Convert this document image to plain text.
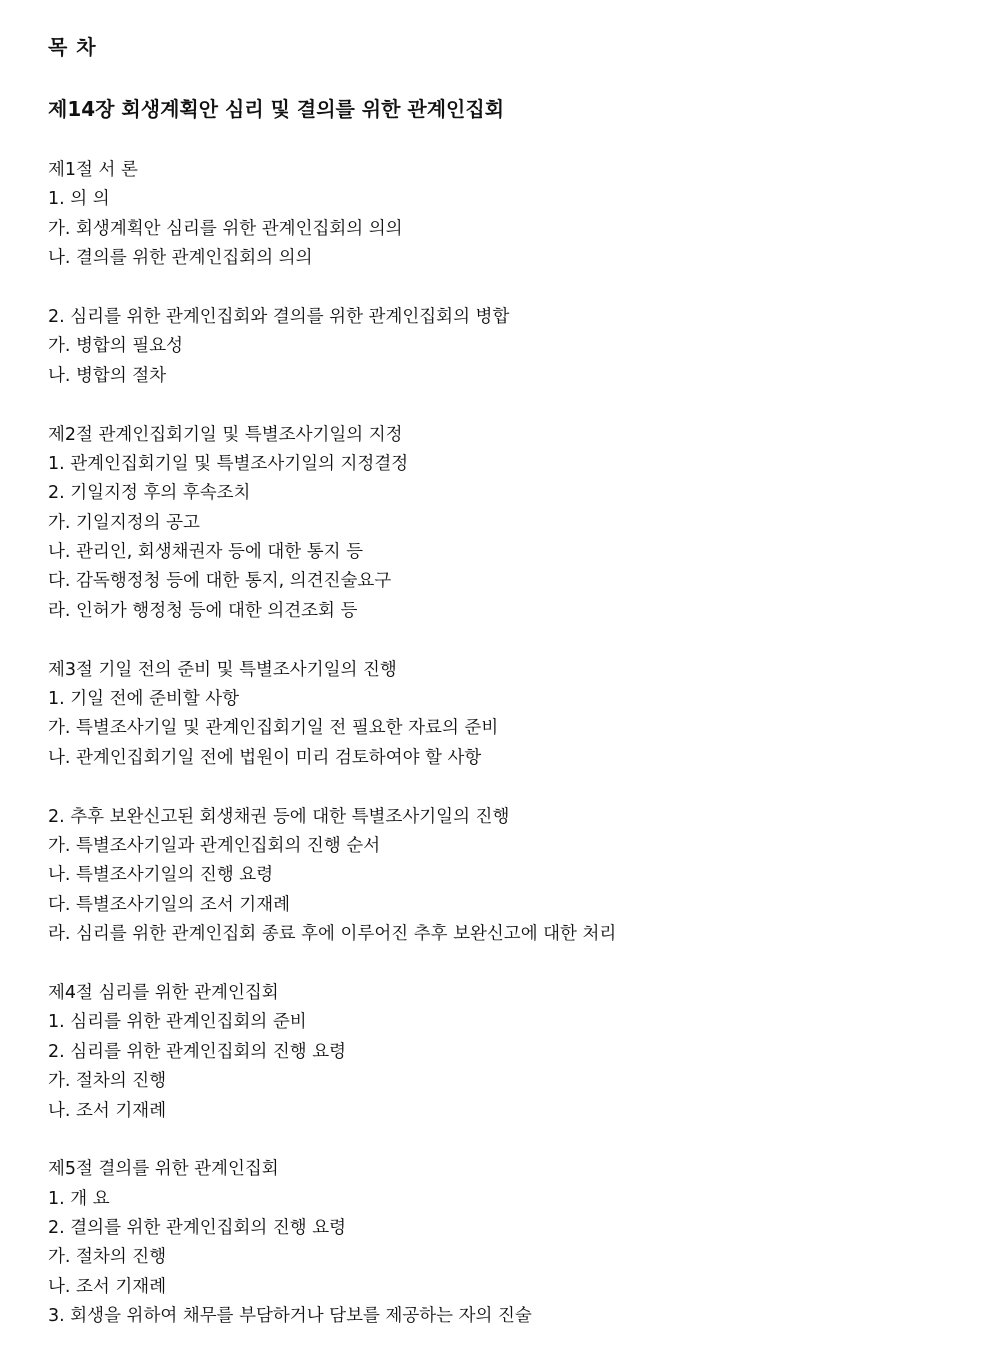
목 차
제14장 회생계획안 심리 및 결의를 위한 관계인집회
제1절 서 론
1. 의 의
가. 회생계획안 심리를 위한 관계인집회의 의의
나. 결의를 위한 관계인집회의 의의
2. 심리를 위한 관계인집회와 결의를 위한 관계인집회의 병합
가. 병합의 필요성
나. 병합의 절차
제2절 관계인집회기일 및 특별조사기일의 지정
1. 관계인집회기일 및 특별조사기일의 지정결정
2. 기일지정 후의 후속조치
가. 기일지정의 공고
나. 관리인, 회생채권자 등에 대한 통지 등
다. 감독행정청 등에 대한 통지, 의견진술요구
라. 인허가 행정청 등에 대한 의견조회 등
제3절 기일 전의 준비 및 특별조사기일의 진행
1. 기일 전에 준비할 사항
가. 특별조사기일 및 관계인집회기일 전 필요한 자료의 준비
나. 관계인집회기일 전에 법원이 미리 검토하여야 할 사항
2. 추후 보완신고된 회생채권 등에 대한 특별조사기일의 진행
가. 특별조사기일과 관계인집회의 진행 순서
나. 특별조사기일의 진행 요령
다. 특별조사기일의 조서 기재례
라. 심리를 위한 관계인집회 종료 후에 이루어진 추후 보완신고에 대한 처리
제4절 심리를 위한 관계인집회
1. 심리를 위한 관계인집회의 준비
2. 심리를 위한 관계인집회의 진행 요령
가. 절차의 진행
나. 조서 기재례
제5절 결의를 위한 관계인집회
1. 개 요
2. 결의를 위한 관계인집회의 진행 요령
가. 절차의 진행
나. 조서 기재례
3. 회생을 위하여 채무를 부담하거나 담보를 제공하는 자의 진술
